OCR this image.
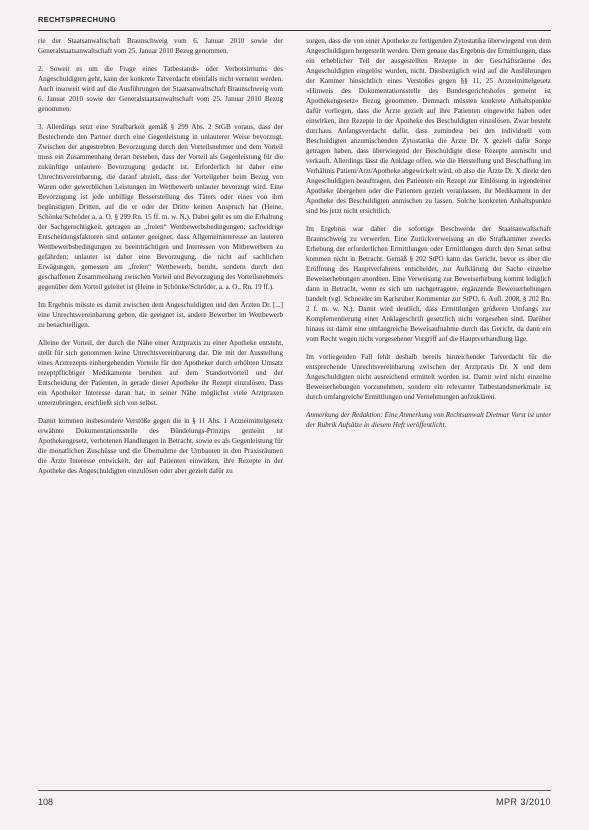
RECHTSPRECHUNG

rie der Staatsanwaltschaft Braunschweig vom 6. Januar 2010 sowie der Generalstaatsanwaltschaft vom 25. Januar 2010 Bezug genommen.

2. Soweit es um die Frage eines Tatbestands- oder Verbotsirrtums des Angeschuldigten geht, kann der konkrete Tatverdacht ebenfalls nicht verneint werden. Auch insoweit wird auf die Ausführungen der Staatsanwaltschaft Braunschweig vom 6. Januar 2010 sowie der Generalstaatsanwaltschaft vom 25. Januar 2010 Bezug genommen.

3. Allerdings setzt eine Strafbarkeit gemäß § 299 Abs. 2 StGB voraus, dass der Bestechende den Partner durch eine Gegenleistung in unlauterer Weise bevorzugt. Zwischen der angestrebten Bevorzugung durch den Vorteilsnehmer und dem Vorteil muss ein Zusammenhang derart bestehen, dass der Vorteil als Gegenleistung für die zukünftige unlautere Bevorzugung gedacht ist. Erforderlich ist daher eine Unrechtsvereinbarung, die darauf abzielt, dass der Vorteilgeber beim Bezug von Waren oder gewerblichen Leistungen im Wettbewerb unlauter bevorzugt wird. Eine Bevorzugung ist jede unbillige Besserstellung des Täters oder eines von ihm begünstigten Dritten, auf die er oder der Dritte keinen Anspruch hat (Heine, Schönke/Schröder a. a. O. § 299 Rn. 15 ff. m. w. N.). Dabei geht es um die Erhaltung der Sachgerechtigkeit, getragen an „freien“ Wettbewerbsbedingungen; sachwidrige Entscheidungsfaktoren sind unlauter geeignet, dass Allgemeininteresse an lauteren Wettbewerbsbedingungen zu beeinträchtigen und Interessen von Mitbewerbern zu gefährden; unlauter ist daher eine Bevorzugung, die nicht auf sachlichen Erwägungen, gemessen am „freien“ Wettbewerb, beruht, sondern durch den geschaffenen Zusammenhang zwischen Vorteil und Bevorzugung des Vorteilsnehmers gegenüber dem Vorteil geleitet ist (Heine in Schönke/Schröder, a. a. O., Rn. 19 ff.).

Im Ergebnis müsste es damit zwischen dem Angeschuldigten und den Ärzten Dr. [...] eine Unrechtsvereinbarung geben, die geeignet ist, andere Bewerber im Wettbewerb zu benachteiligen.

Alleine der Vorteil, der durch die Nähe einer Arztpraxis zu einer Apotheke entsteht, stellt für sich genommen keine Unrechtsvereinbarung dar. Die mit der Ausstellung eines Arztrezepts einhergehenden Vorteile für den Apotheker durch erhöhten Umsatz rezeptpflichtiger Medikamente beruhen auf dem Standortvorteil und der Entscheidung der Patienten, in gerade dieser Apotheke ihr Rezept einzulösen. Dass ein Apotheker Interesse daran hat, in seiner Nähe möglichst viele Arztpraxen unterzubringen, erschließt sich von selbst.

Damit kommen insbesondere Verstöße gegen die in § 11 Abs. 1 Arzneimittelgesetz erwähnte Dokumentationsstelle des Bündelungs-Prinzips gemeint ist Apothekengesetz, verbotenen Handlungen in Betracht, sowie es als Gegenleistung für die monatlichen Zuschüsse und die Übernahme der Umbauten in den Praxisräumen die Ärzte Interesse entwickelt, der auf Patienten einwirken, ihre Rezepte in der Apotheke des Angeschuldigten einzulösen oder aber gezielt dafür zu

sorgen, dass die von einer Apotheke zu fertigenden Zytostatika überwiegend von dem Angeschuldigten hergestellt werden. Dem genaue das Ergebnis der Ermittlungen, dass ein erheblicher Teil der ausgestellten Rezepte in der Geschäftsräume des Angeschuldigten eingelöst wurden, nicht. Diesbezüglich wird auf die Ausführungen der Kammer hinsichtlich eines Verstoßes gegen §§ 11, 25 Arzneimittelgesetz »Hinweis des Dokumentationsstelle des Bundesgerichtshofes gemeint ist Apothekengesetz« Bezug genommen. Demnach müssten konkrete Anhaltspunkte dafür vorliegen, dass die Ärzte gezielt auf ihre Patienten eingewirkt haben oder einwirken, ihre Rezepte in der Apotheke des Beschuldigten einzulösen. Zwar besteht durchaus Anfangsverdacht dafür, dass zumindest bei den individuell vom Beschuldigten anzumischenden Zytostatika die Ärzte Dr. X gezielt dafür Sorge getragen haben, dass überwiegend der Beschuldigte diese Rezepte anmischt und verkauft. Allerdings lässt die Anklage offen, wie die Herstellung und Beschaffung im Verhältnis Patient/Arzt/Apotheke abgewickelt wird, ob also die Ärzte Dr. X direkt den Angeschuldigten beauftragen, den Patienten ein Rezept zur Einlösung in irgendeiner Apotheke übergeben oder die Patienten gezielt veranlassen, ihr Medikament in der Apotheke des Beschuldigten anmischen zu lassen. Solche konkreten Anhaltspunkte sind bis jetzt nicht ersichtlich.

Im Ergebnis war daher die sofortige Beschwerde der Staatsanwaltschaft Braunschweig zu verwerfen. Eine Zurückverweisung an die Strafkammer zwecks Erhebung der erforderlichen Ermittlungen oder Ermittlungen durch den Senat selbst kommen nicht in Betracht. Gemäß § 202 StPO kann das Gericht, bevor es über die Eröffnung des Hauptverfahrens entscheidet, zur Aufklärung der Sache einzelne Beweiserhebungen anordnen. Eine Verweisung zur Beweiserhebung kommt lediglich dann in Betracht, wenn es sich um nachgetragene, ergänzende Beweiserhebungen handelt (vgl. Schneider im Karlsruher Kommentar zur StPO, 6. Aufl. 2008, § 202 Rn. 2 f. m. w. N.). Damit wird deutlich, dass Ermittlungen größeren Umfangs zur Komplementierung einer Anklageschrift gesetzlich nicht vorgesehen sind. Darüber hinaus ist damit eine umfangreiche Beweisaufnahme durch das Gericht, da dann ein vom Recht wegen nicht vorgesehener Vorgriff auf die Hauptverhandlung läge.

Im vorliegenden Fall fehlt deshalb bereits hinreichender Tatverdacht für die entsprechende Unrechtsvereinbarung zwischen der Arztpraxis Dr. X und dem Angeschuldigten nicht ausreichend ermittelt worden ist. Damit wird nicht einzelne Beweiserhebungen vorzunehmen, sondern ein relevanter Tatbestandsmerkmale ist durch umfangreiche Ermittlungen und Vernehmungen aufzuklären.

Anmerkung der Redaktion: Eine Anmerkung von Rechtsanwalt Dietmar Vorst ist unter der Rubrik Aufsätze in diesem Heft veröffentlicht.

108	MPR 3/2010
